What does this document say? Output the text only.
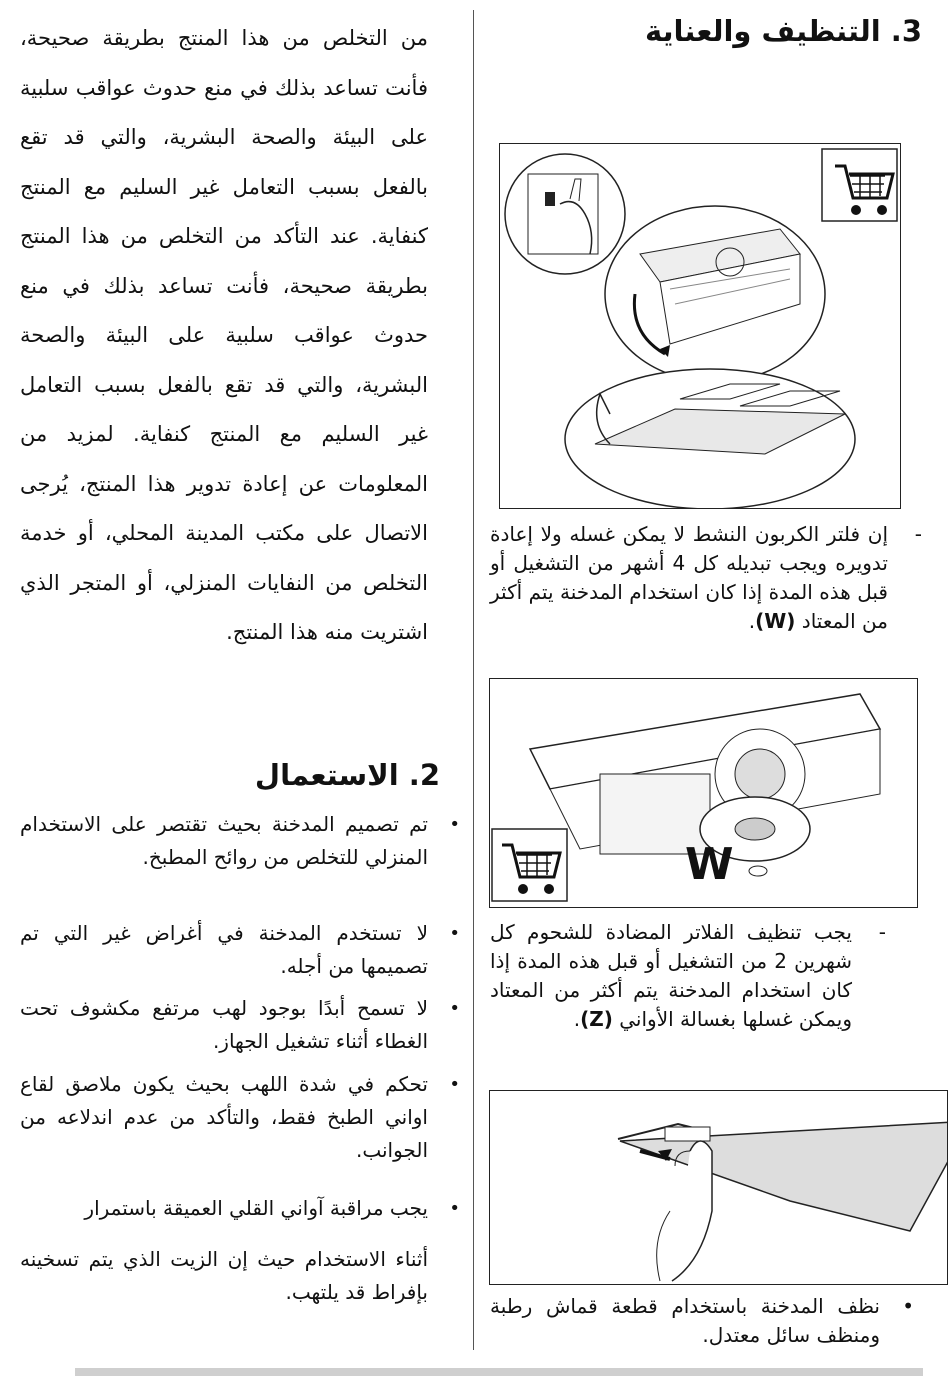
3. التنظيف والعناية
من التخلص من هذا المنتج بطريقة صحيحة، فأنت تساعد بذلك في منع حدوث عواقب سلبية على البيئة والصحة البشرية، والتي قد تقع بالفعل بسبب التعامل غير السليم مع المنتج كنفاية. عند التأكد من التخلص من هذا المنتج بطريقة صحيحة، فأنت تساعد بذلك في منع حدوث عواقب سلبية على البيئة والصحة البشرية، والتي قد تقع بالفعل بسبب التعامل غير السليم مع المنتج كنفاية. لمزيد من المعلومات عن إعادة تدوير هذا المنتج، يُرجى الاتصال على مكتب المدينة المحلي، أو خدمة التخلص من النفايات المنزلي، أو المتجر الذي اشتريت منه هذا المنتج.
2. الاستعمال
•

تم تصميم المدخنة بحيث تقتصر على الاستخدام المنزلي للتخلص من روائح المطبخ.

•

لا تستخدم المدخنة في أغراض غير التي تم تصميمها من أجله.

•

لا تسمح أبدًا بوجود لهب مرتفع مكشوف تحت الغطاء أثناء تشغيل الجهاز.

•

تحكم في شدة اللهب بحيث يكون ملاصق لقاع اواني الطبخ فقط، والتأكد من عدم اندلاعه من الجوانب.

•

يجب مراقبة آواني القلي العميقة باستمرار

أثناء الاستخدام حيث إن الزيت الذي يتم تسخينه بإفراط قد يلتهب.

-

إن فلتر الكربون النشط لا يمكن غسله ولا إعادة تدويره ويجب تبديله كل 4 أشهر من التشغيل أو قبل هذه المدة إذا كان استخدام المدخنة يتم أكثر من المعتاد (W).

W
-

يجب تنظيف الفلاتر المضادة للشحوم كل شهرين 2 من التشغيل أو قبل هذه المدة إذا كان استخدام المدخنة يتم أكثر من المعتاد ويمكن غسلها بغسالة الأواني (Z).

•

نظف المدخنة باستخدام قطعة قماش رطبة ومنظف سائل معتدل.
